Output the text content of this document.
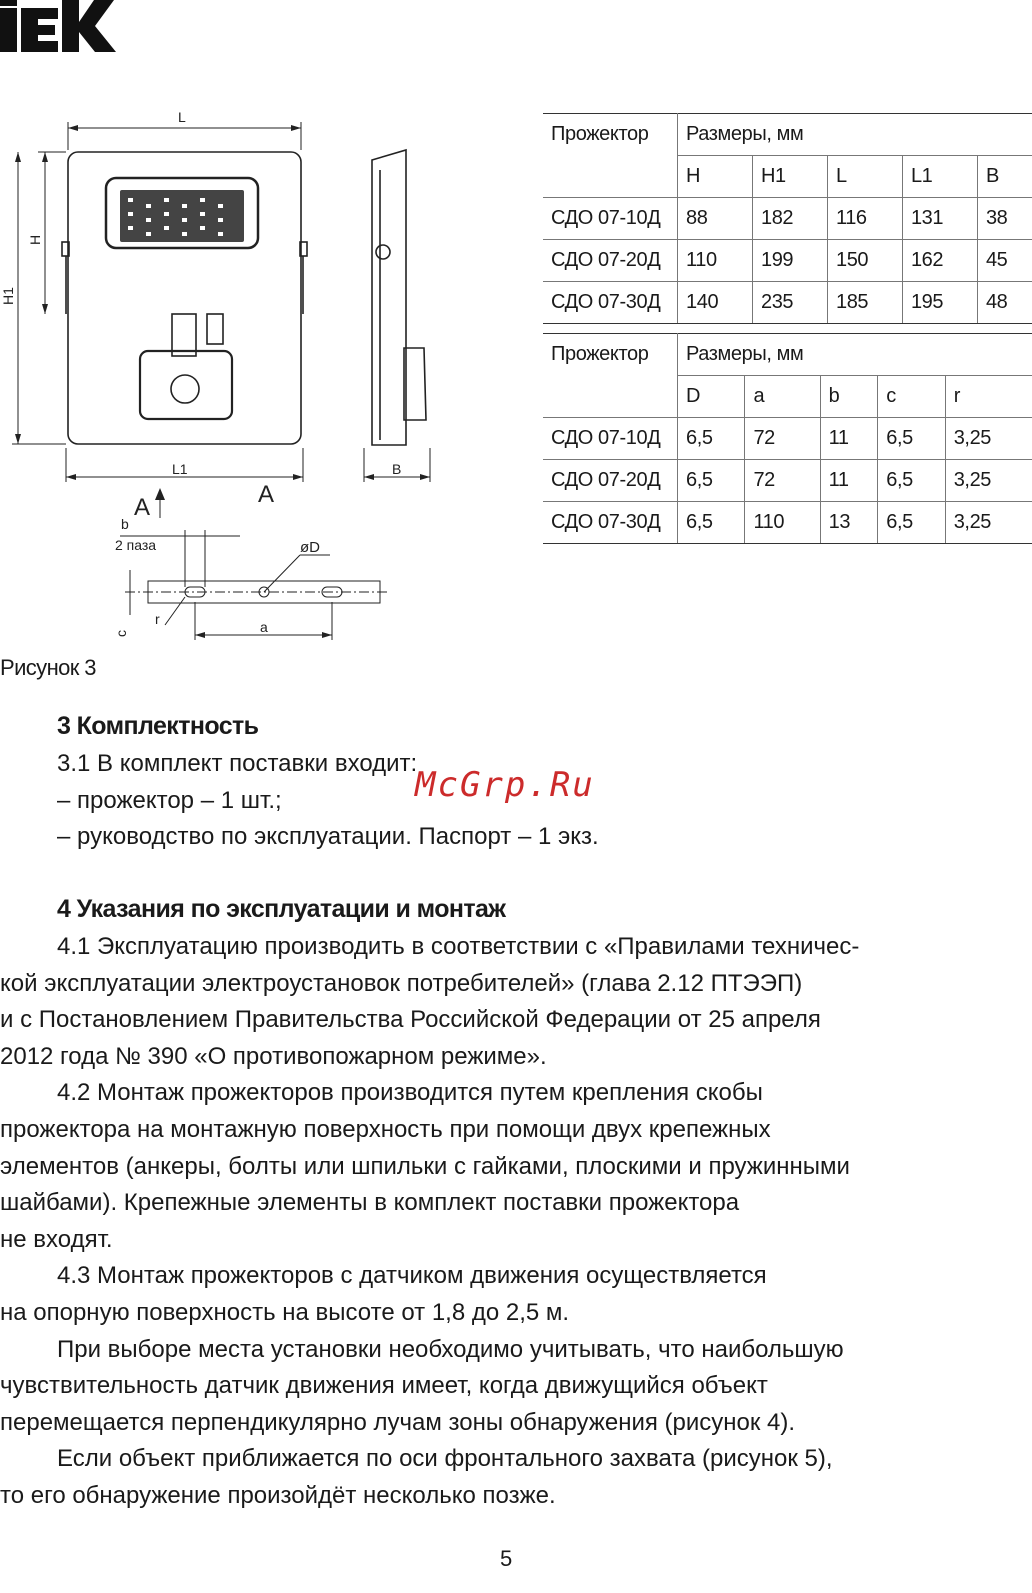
L
H
H1
L1	B
A	A
b
2 паза	øD
c
r	a
Прожектор	Размеры, мм				
	H	H1	L	L1	B
СДО 07-10Д	88	182	116	131	38
СДО 07-20Д	110	199	150	162	45
СДО 07-30Д	140	235	185	195	48
Прожектор	Размеры, мм				
	D	a	b	c	r
СДО 07-10Д	6,5	72	11	6,5	3,25
СДО 07-20Д	6,5	72	11	6,5	3,25
СДО 07-30Д	6,5	110	13	6,5	3,25
Рисунок 3
3 Комплектность
3.1 В комплект поставки входит:
– прожектор – 1 шт.;
– руководство по эксплуатации. Паспорт – 1 экз.
McGrp.Ru
4 Указания по эксплуатации и монтаж
4.1 Эксплуатацию производить в соответствии с «Правилами техничес-
кой эксплуатации электроустановок потребителей» (глава 2.12 ПТЭЭП)
и с Постановлением Правительства Российской Федерации от 25 апреля
2012 года № 390 «О противопожарном режиме».
4.2 Монтаж прожекторов производится путем крепления скобы
прожектора на монтажную поверхность при помощи двух крепежных
элементов (анкеры, болты или шпильки с гайками, плоскими и пружинными
шайбами). Крепежные элементы в комплект поставки прожектора
не входят.
4.3 Монтаж прожекторов с датчиком движения осуществляется
на опорную поверхность на высоте от 1,8 до 2,5 м.
При выборе места установки необходимо учитывать, что наибольшую
чувствительность датчик движения имеет, когда движущийся объект
перемещается перпендикулярно лучам зоны обнаружения (рисунок 4).
Если объект приближается по оси фронтального захвата (рисунок 5),
то его обнаружение произойдёт несколько позже.
5
